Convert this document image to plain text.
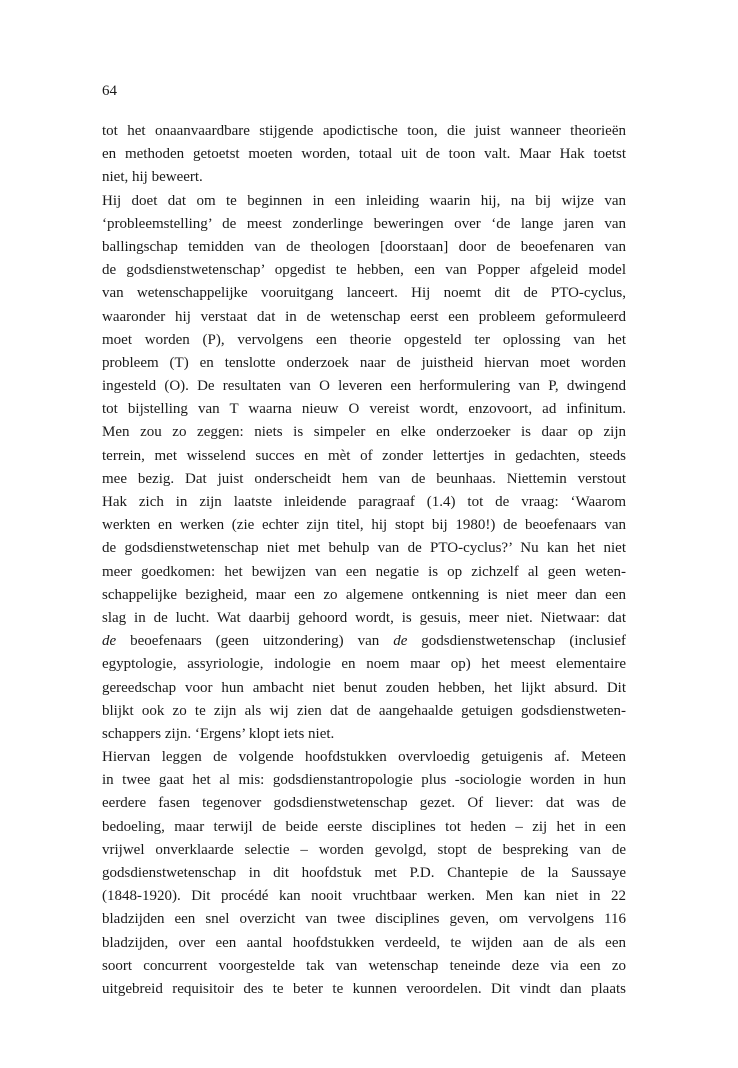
64
tot het onaanvaardbare stijgende apodictische toon, die juist wanneer theorieën
en methoden getoetst moeten worden, totaal uit de toon valt. Maar Hak toetst
niet, hij beweert.
Hij doet dat om te beginnen in een inleiding waarin hij, na bij wijze van
‘probleemstelling’ de meest zonderlinge beweringen over ‘de lange jaren van
ballingschap temidden van de theologen [doorstaan] door de beoefenaren van
de godsdienstwetenschap’ opgedist te hebben, een van Popper afgeleid model
van wetenschappelijke vooruitgang lanceert. Hij noemt dit de PTO-cyclus,
waaronder hij verstaat dat in de wetenschap eerst een probleem geformuleerd
moet worden (P), vervolgens een theorie opgesteld ter oplossing van het
probleem (T) en tenslotte onderzoek naar de juistheid hiervan moet worden
ingesteld (O). De resultaten van O leveren een herformulering van P, dwingend
tot bijstelling van T waarna nieuw O vereist wordt, enzovoort, ad infinitum.
Men zou zo zeggen: niets is simpeler en elke onderzoeker is daar op zijn
terrein, met wisselend succes en mèt of zonder lettertjes in gedachten, steeds
mee bezig. Dat juist onderscheidt hem van de beunhaas. Niettemin verstout
Hak zich in zijn laatste inleidende paragraaf (1.4) tot de vraag: ‘Waarom
werkten en werken (zie echter zijn titel, hij stopt bij 1980!) de beoefenaars van
de godsdienstwetenschap niet met behulp van de PTO-cyclus?’ Nu kan het niet
meer goedkomen: het bewijzen van een negatie is op zichzelf al geen weten-
schappelijke bezigheid, maar een zo algemene ontkenning is niet meer dan een
slag in de lucht. Wat daarbij gehoord wordt, is gesuis, meer niet. Nietwaar: dat
de beoefenaars (geen uitzondering) van de godsdienstwetenschap (inclusief
egyptologie, assyriologie, indologie en noem maar op) het meest elementaire
gereedschap voor hun ambacht niet benut zouden hebben, het lijkt absurd. Dit
blijkt ook zo te zijn als wij zien dat de aangehaalde getuigen godsdienstweten-
schappers zijn. ‘Ergens’ klopt iets niet.
Hiervan leggen de volgende hoofdstukken overvloedig getuigenis af. Meteen
in twee gaat het al mis: godsdienstantropologie plus -sociologie worden in hun
eerdere fasen tegenover godsdienstwetenschap gezet. Of liever: dat was de
bedoeling, maar terwijl de beide eerste disciplines tot heden – zij het in een
vrijwel onverklaarde selectie – worden gevolgd, stopt de bespreking van de
godsdienstwetenschap in dit hoofdstuk met P.D. Chantepie de la Saussaye
(1848-1920). Dit procédé kan nooit vruchtbaar werken. Men kan niet in 22
bladzijden een snel overzicht van twee disciplines geven, om vervolgens 116
bladzijden, over een aantal hoofdstukken verdeeld, te wijden aan de als een
soort concurrent voorgestelde tak van wetenschap teneinde deze via een zo
uitgebreid requisitoir des te beter te kunnen veroordelen. Dit vindt dan plaats
